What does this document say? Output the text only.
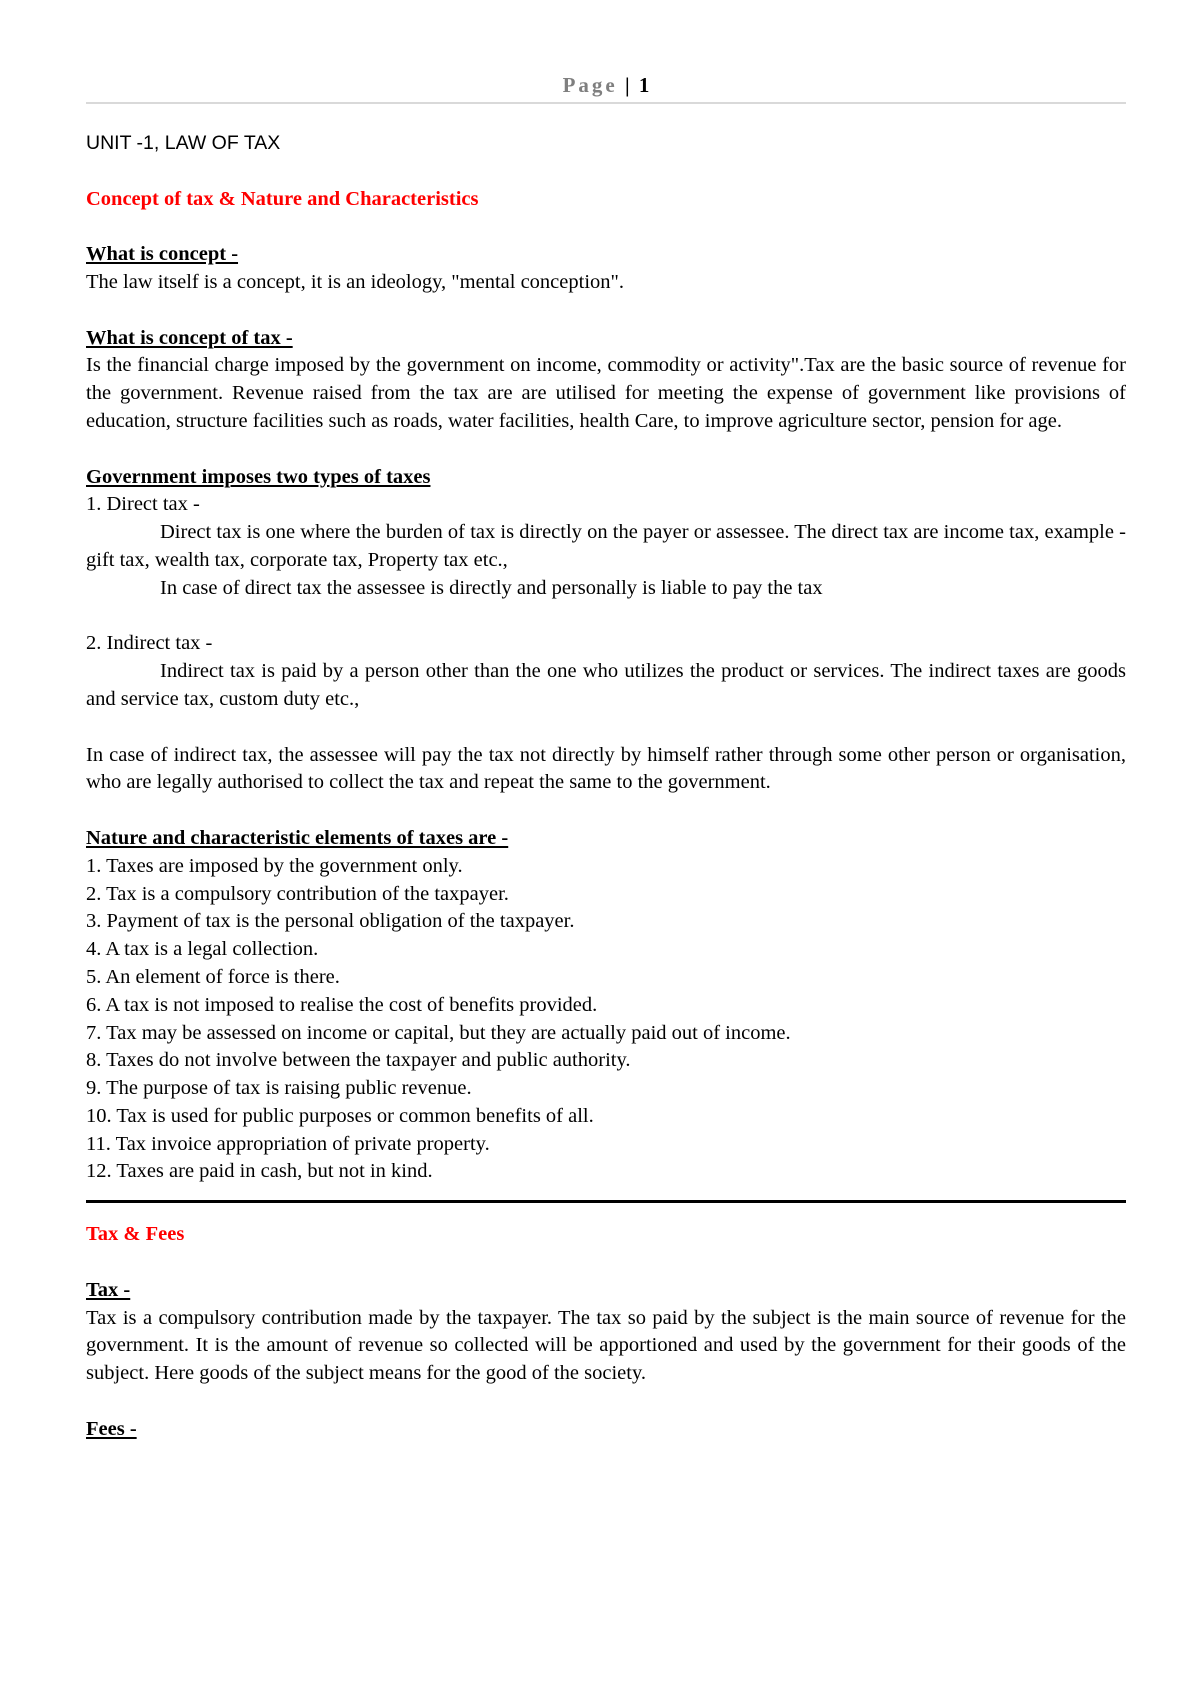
Page | 1

UNIT -1, LAW OF TAX

Concept of tax & Nature and Characteristics

What is concept -

The law itself is a concept, it is an ideology, "mental conception".

What is concept of tax -

Is the financial charge imposed by the government on income, commodity or activity".Tax are the basic source of revenue for the government. Revenue raised from the tax are are utilised for meeting the expense of government like provisions of education, structure facilities such as roads, water facilities, health Care, to improve agriculture sector, pension for age.

Government imposes two types of taxes

1. Direct tax -

Direct tax is one where the burden of tax is directly on the payer or assessee. The direct tax are income tax, example - gift tax, wealth tax, corporate tax, Property tax etc.,

In case of direct tax the assessee is directly and personally is liable to pay the tax

2. Indirect tax -

Indirect tax is paid by a person other than the one who utilizes the product or services. The indirect taxes are goods and service tax, custom duty etc.,

In case of indirect tax, the assessee will pay the tax not directly by himself rather through some other person or organisation, who are legally authorised to collect the tax and repeat the same to the government.

Nature and characteristic elements of taxes are -

1. Taxes are imposed by the government only.

2. Tax is a compulsory contribution of the taxpayer.

3. Payment of tax is the personal obligation of the taxpayer.

4. A tax is a legal collection.

5. An element of force is there.

6. A tax is not imposed to realise the cost of benefits provided.

7. Tax may be assessed on income or capital, but they are actually paid out of income.

8. Taxes do not involve between the taxpayer and public authority.

9. The purpose of tax is raising public revenue.

10. Tax is used for public purposes or common benefits of all.

11. Tax invoice appropriation of private property.

12. Taxes are paid in cash, but not in kind.

Tax & Fees

Tax -

Tax is a compulsory contribution made by the taxpayer. The tax so paid by the subject is the main source of revenue for the government. It is the amount of revenue so collected will be apportioned and used by the government for their goods of the subject. Here goods of the subject means for the good of the society.

Fees -
